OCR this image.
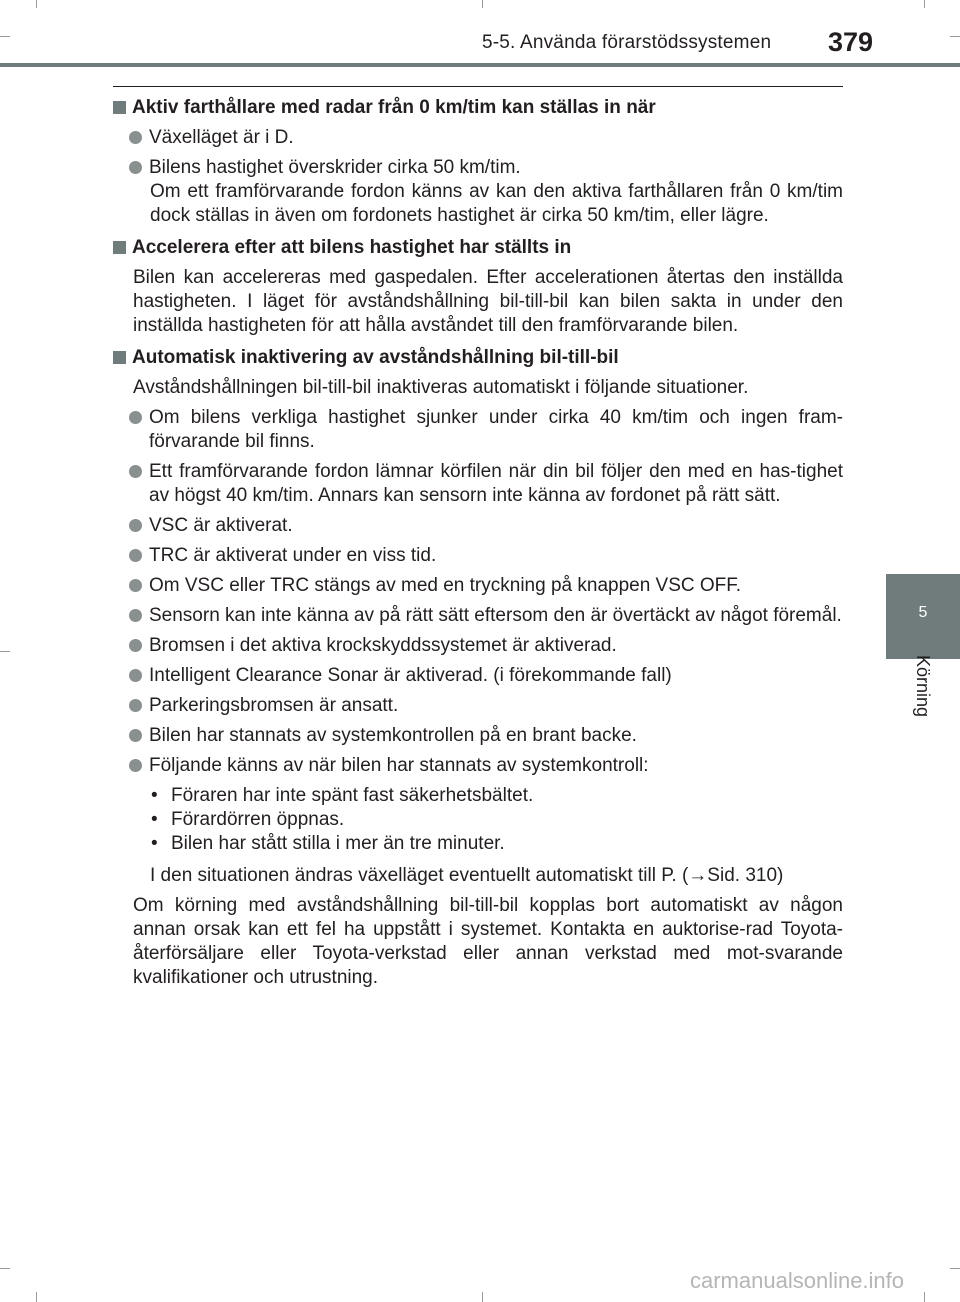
5-5. Använda förarstödssystemen 379
5
Körning
Aktiv farthållare med radar från 0 km/tim kan ställas in när
Växelläget är i D.
Bilens hastighet överskrider cirka 50 km/tim.
Om ett framförvarande fordon känns av kan den aktiva farthållaren från 0 km/tim dock ställas in även om fordonets hastighet är cirka 50 km/tim, eller lägre.
Accelerera efter att bilens hastighet har ställts in
Bilen kan accelereras med gaspedalen. Efter accelerationen återtas den inställda hastigheten. I läget för avståndshållning bil-till-bil kan bilen sakta in under den inställda hastigheten för att hålla avståndet till den framförvarande bilen.
Automatisk inaktivering av avståndshållning bil-till-bil
Avståndshållningen bil-till-bil inaktiveras automatiskt i följande situationer.
Om bilens verkliga hastighet sjunker under cirka 40 km/tim och ingen fram-förvarande bil finns.
Ett framförvarande fordon lämnar körfilen när din bil följer den med en has-tighet av högst 40 km/tim. Annars kan sensorn inte känna av fordonet på rätt sätt.
VSC är aktiverat.
TRC är aktiverat under en viss tid.
Om VSC eller TRC stängs av med en tryckning på knappen VSC OFF.
Sensorn kan inte känna av på rätt sätt eftersom den är övertäckt av något föremål.
Bromsen i det aktiva krockskyddssystemet är aktiverad.
Intelligent Clearance Sonar är aktiverad. (i förekommande fall)
Parkeringsbromsen är ansatt.
Bilen har stannats av systemkontrollen på en brant backe.
Följande känns av när bilen har stannats av systemkontroll:
• Föraren har inte spänt fast säkerhetsbältet.
• Förardörren öppnas.
• Bilen har stått stilla i mer än tre minuter.
I den situationen ändras växelläget eventuellt automatiskt till P. (→Sid. 310)
Om körning med avståndshållning bil-till-bil kopplas bort automatiskt av någon annan orsak kan ett fel ha uppstått i systemet. Kontakta en auktorise-rad Toyota-återförsäljare eller Toyota-verkstad eller annan verkstad med mot-svarande kvalifikationer och utrustning.
carmanualsonline.info
